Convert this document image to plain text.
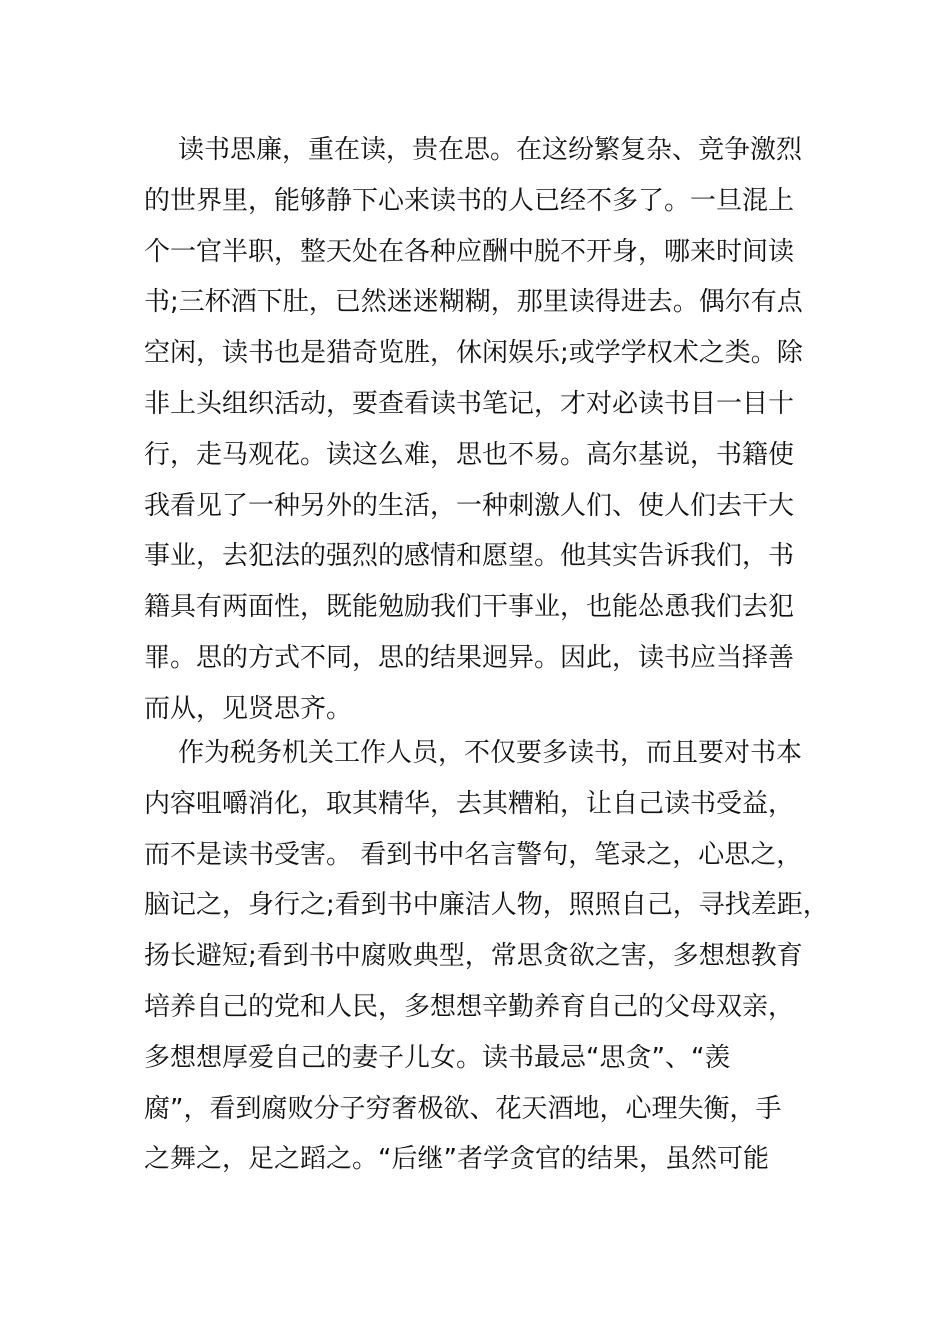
读书思廉，重在读，贵在思。在这纷繁复杂、竞争激烈
的世界里，能够静下心来读书的人已经不多了。一旦混上
个一官半职，整天处在各种应酬中脱不开身，哪来时间读
书;三杯酒下肚，已然迷迷糊糊，那里读得进去。偶尔有点
空闲，读书也是猎奇览胜，休闲娱乐;或学学权术之类。除
非上头组织活动，要查看读书笔记，才对必读书目一目十
行，走马观花。读这么难，思也不易。高尔基说，书籍使
我看见了一种另外的生活，一种刺激人们、使人们去干大
事业，去犯法的强烈的感情和愿望。他其实告诉我们，书
籍具有两面性，既能勉励我们干事业，也能怂恿我们去犯
罪。思的方式不同，思的结果迥异。因此，读书应当择善
而从，见贤思齐。
作为税务机关工作人员，不仅要多读书，而且要对书本
内容咀嚼消化，取其精华，去其糟粕，让自己读书受益，
而不是读书受害。 看到书中名言警句，笔录之，心思之，
脑记之，身行之;看到书中廉洁人物，照照自己，寻找差距，
扬长避短;看到书中腐败典型，常思贪欲之害，多想想教育
培养自己的党和人民，多想想辛勤养育自己的父母双亲，
多想想厚爱自己的妻子儿女。读书最忌“思贪”、“羡
腐”，看到腐败分子穷奢极欲、花天酒地，心理失衡，手
之舞之，足之蹈之。“后继”者学贪官的结果，虽然可能
